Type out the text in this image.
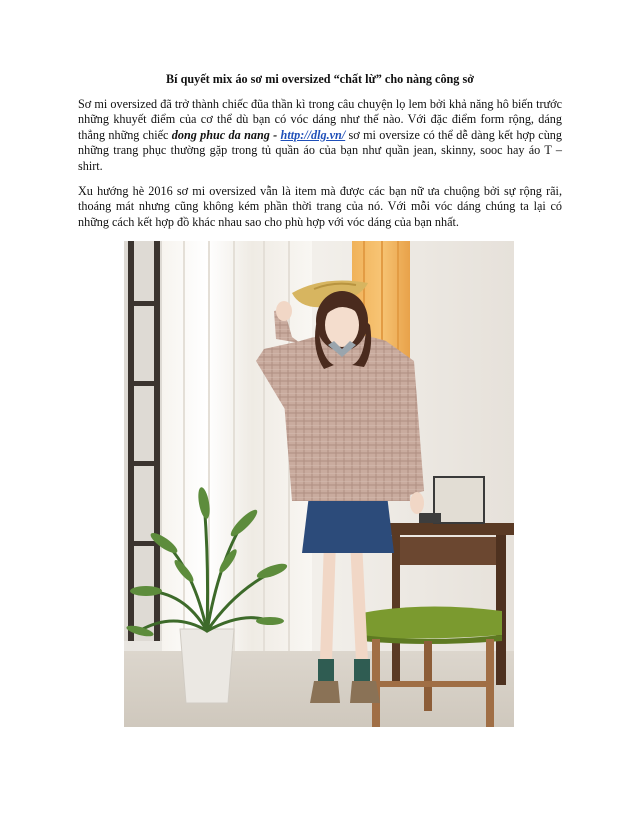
Bí quyết mix áo sơ mi oversized “chất lừ” cho nàng công sở

Sơ mi oversized đã trở thành chiếc đũa thần kì trong câu chuyện lọ lem bởi khả năng hô biến trước những khuyết điểm của cơ thể dù bạn có vóc dáng như thế nào. Với đặc điểm form rộng, dáng thẳng những chiếc dong phuc da nang - http://dlg.vn/ sơ mi oversize có thể dễ dàng kết hợp cùng những trang phục thường gặp trong tủ quần áo của bạn như quần jean, skinny, sooc hay áo T – shirt.

Xu hướng hè 2016 sơ mi oversized vẫn là item mà được các bạn nữ ưa chuộng bởi sự rộng rãi, thoáng mát nhưng cũng không kém phần thời trang của nó. Với mỗi vóc dáng chúng ta lại có những cách kết hợp đồ khác nhau sao cho phù hợp với vóc dáng của bạn nhất.
